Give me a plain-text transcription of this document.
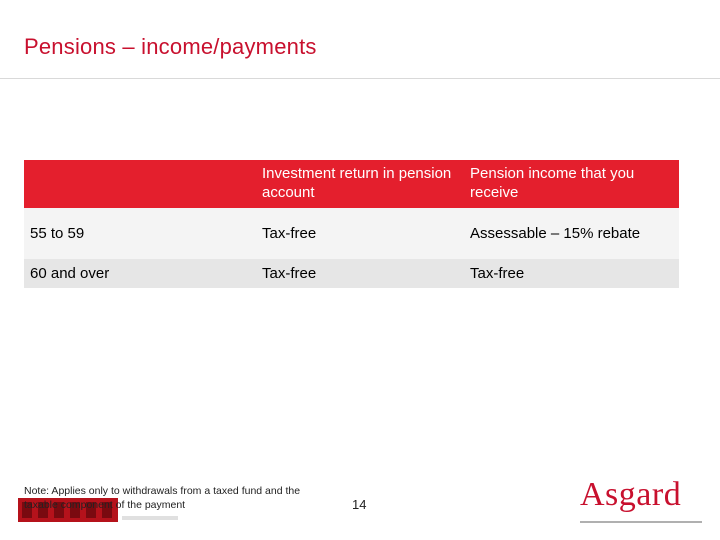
Pensions – income/payments
	Investment return in pension account	Pension income that you receive
55 to 59	Tax-free	Assessable – 15% rebate
60 and over	Tax-free	Tax-free
Note: Applies only to withdrawals from a taxed fund and the taxable component of the payment	14	Asgard
